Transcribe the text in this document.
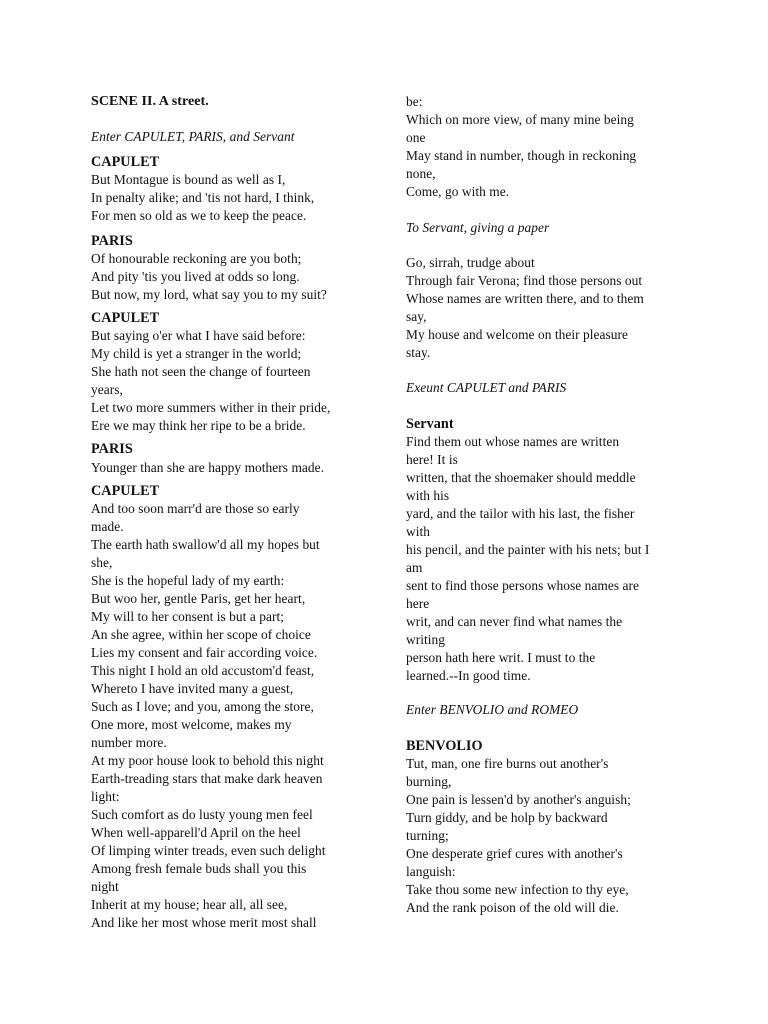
SCENE II. A street.
Enter CAPULET, PARIS, and Servant
CAPULET
But Montague is bound as well as I,
In penalty alike; and 'tis not hard, I think,
For men so old as we to keep the peace.
PARIS
Of honourable reckoning are you both;
And pity 'tis you lived at odds so long.
But now, my lord, what say you to my suit?
CAPULET
But saying o'er what I have said before:
My child is yet a stranger in the world;
She hath not seen the change of fourteen
years,
Let two more summers wither in their pride,
Ere we may think her ripe to be a bride.
PARIS
Younger than she are happy mothers made.
CAPULET
And too soon marr'd are those so early
made.
The earth hath swallow'd all my hopes but
she,
She is the hopeful lady of my earth:
But woo her, gentle Paris, get her heart,
My will to her consent is but a part;
An she agree, within her scope of choice
Lies my consent and fair according voice.
This night I hold an old accustom'd feast,
Whereto I have invited many a guest,
Such as I love; and you, among the store,
One more, most welcome, makes my
number more.
At my poor house look to behold this night
Earth-treading stars that make dark heaven
light:
Such comfort as do lusty young men feel
When well-apparell'd April on the heel
Of limping winter treads, even such delight
Among fresh female buds shall you this
night
Inherit at my house; hear all, all see,
And like her most whose merit most shall
be:
Which on more view, of many mine being
one
May stand in number, though in reckoning
none,
Come, go with me.
To Servant, giving a paper
Go, sirrah, trudge about
Through fair Verona; find those persons out
Whose names are written there, and to them
say,
My house and welcome on their pleasure
stay.
Exeunt CAPULET and PARIS
Servant
Find them out whose names are written
here! It is
written, that the shoemaker should meddle
with his
yard, and the tailor with his last, the fisher
with
his pencil, and the painter with his nets; but I
am
sent to find those persons whose names are
here
writ, and can never find what names the
writing
person hath here writ. I must to the
learned.--In good time.
Enter BENVOLIO and ROMEO
BENVOLIO
Tut, man, one fire burns out another's
burning,
One pain is lessen'd by another's anguish;
Turn giddy, and be holp by backward
turning;
One desperate grief cures with another's
languish:
Take thou some new infection to thy eye,
And the rank poison of the old will die.
